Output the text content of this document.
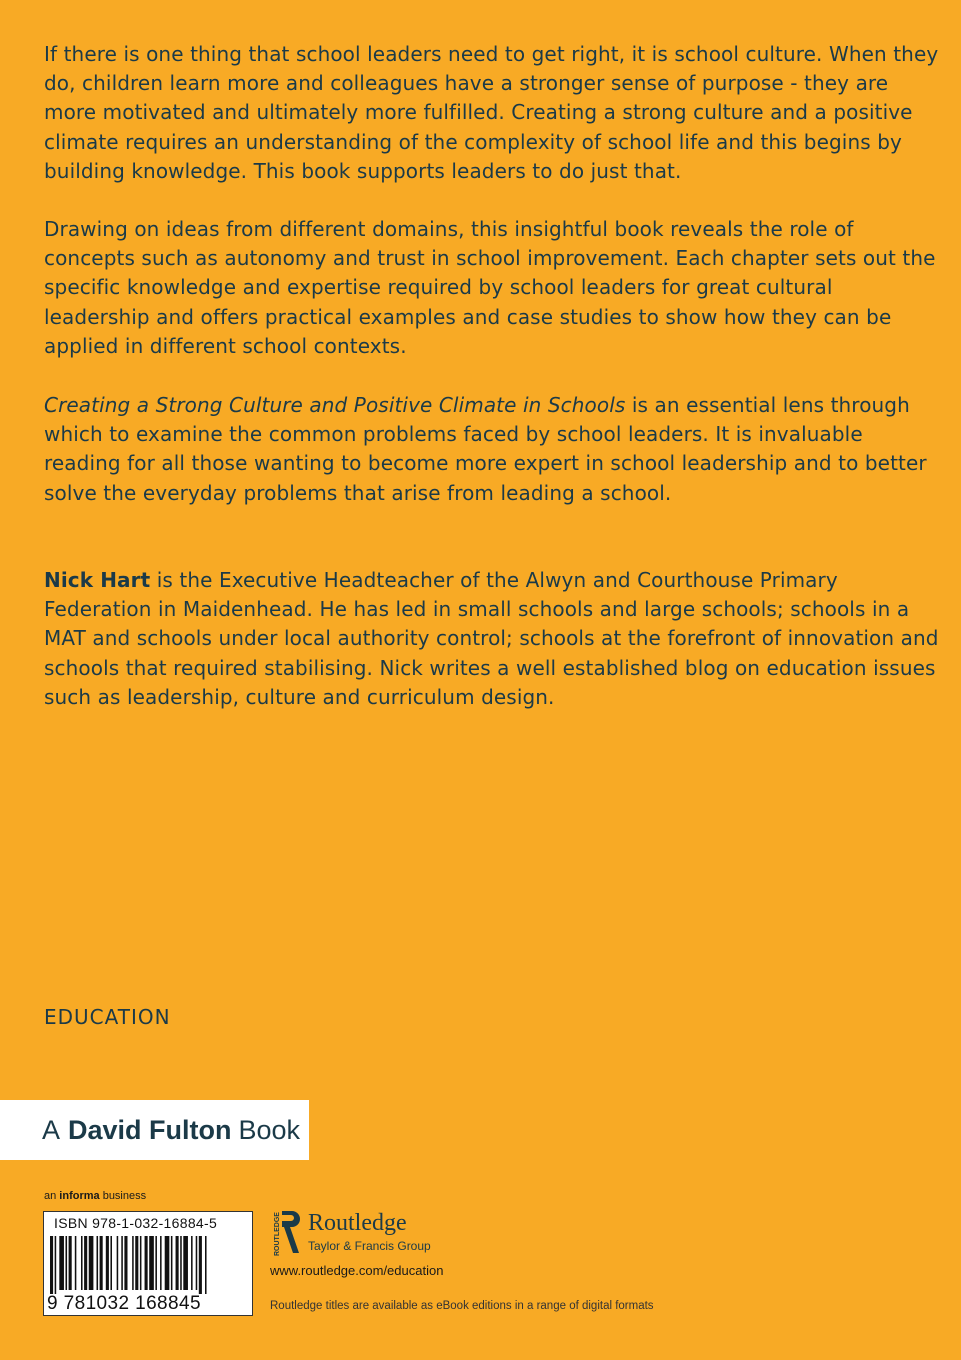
If there is one thing that school leaders need to get right, it is school culture. When they do, children learn more and colleagues have a stronger sense of purpose - they are more motivated and ultimately more fulfilled. Creating a strong culture and a positive climate requires an understanding of the complexity of school life and this begins by building knowledge. This book supports leaders to do just that.
Drawing on ideas from different domains, this insightful book reveals the role of concepts such as autonomy and trust in school improvement. Each chapter sets out the specific knowledge and expertise required by school leaders for great cultural leadership and offers practical examples and case studies to show how they can be applied in different school contexts.
Creating a Strong Culture and Positive Climate in Schools is an essential lens through which to examine the common problems faced by school leaders. It is invaluable reading for all those wanting to become more expert in school leadership and to better solve the everyday problems that arise from leading a school.
Nick Hart is the Executive Headteacher of the Alwyn and Courthouse Primary Federation in Maidenhead. He has led in small schools and large schools; schools in a MAT and schools under local authority control; schools at the forefront of innovation and schools that required stabilising. Nick writes a well established blog on education issues such as leadership, culture and curriculum design.
EDUCATION
A David Fulton Book
an informa business
ISBN 978-1-032-16884-5
9 781032 168845
ROUTLEDGE Routledge
Taylor & Francis Group
www.routledge.com/education
Routledge titles are available as eBook editions in a range of digital formats
